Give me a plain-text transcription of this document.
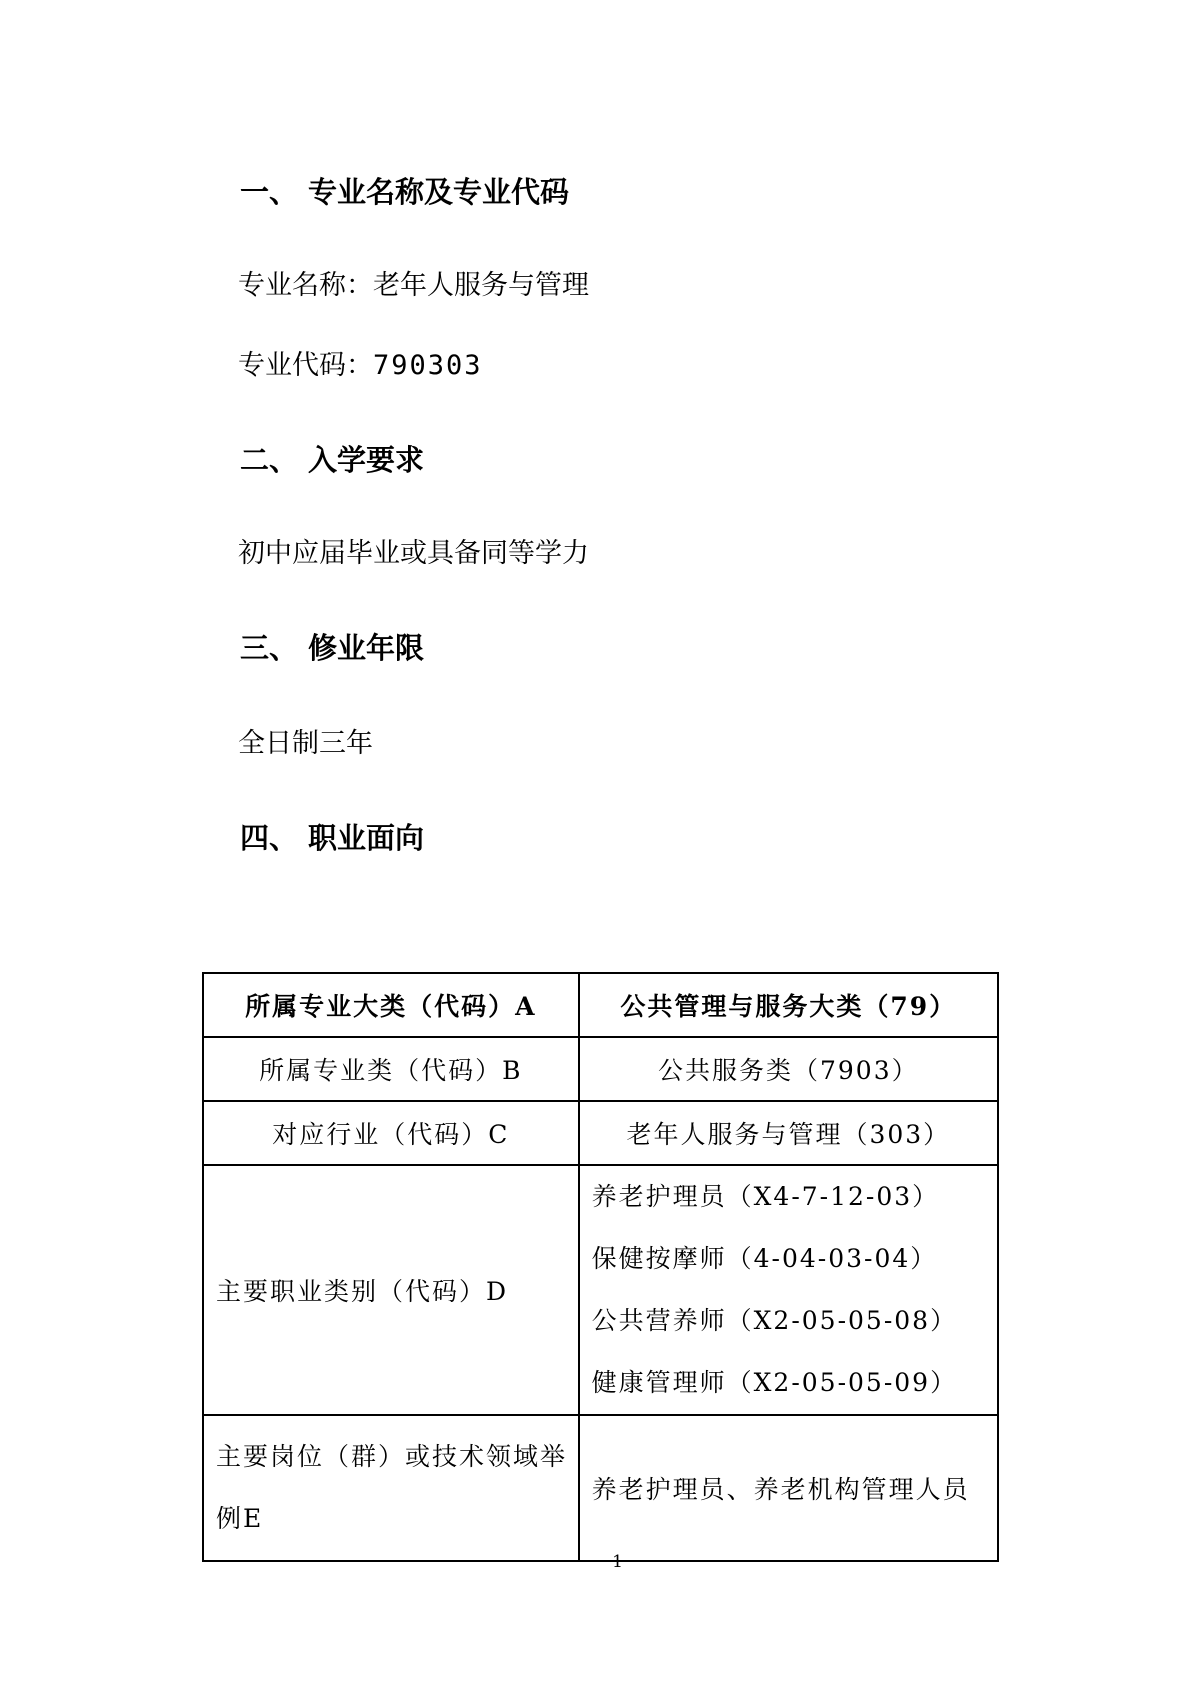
一、 专业名称及专业代码
专业名称：老年人服务与管理
专业代码：790303
二、 入学要求
初中应届毕业或具备同等学力
三、 修业年限
全日制三年
四、 职业面向
所属专业大类（代码）A	公共管理与服务大类（79）
所属专业类（代码）B	公共服务类（7903）
对应行业（代码）C	老年人服务与管理（303）
主要职业类别（代码）D	养老护理员（X4-7-12-03）
保健按摩师（4-04-03-04）
公共营养师（X2-05-05-08）
健康管理师（X2-05-05-09）

主要岗位（群）或技术领域举例E	养老护理员、养老机构管理人员
1
